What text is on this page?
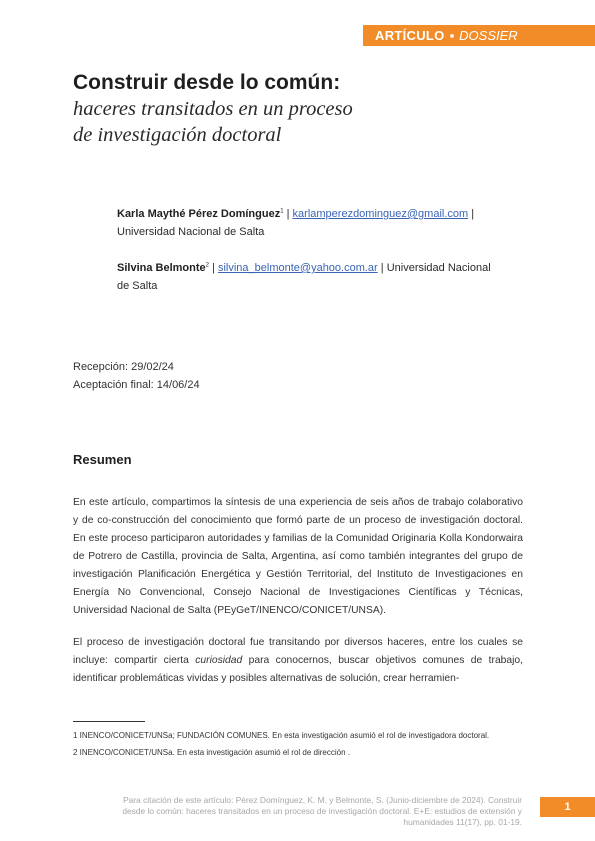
ARTÍCULO ▪ DOSSIER
Construir desde lo común:
haceres transitados en un proceso
de investigación doctoral
Karla Maythé Pérez Domínguez$^1$ | karlamperezdominguez@gmail.com |
Universidad Nacional de Salta
Silvina Belmonte$^2$ | silvina_belmonte@yahoo.com.ar | Universidad Nacional de Salta
Recepción: 29/02/24
Aceptación final: 14/06/24
Resumen

En este artículo, compartimos la síntesis de una experiencia de seis años de trabajo colaborativo y de co-construcción del conocimiento que formó parte de un proceso de investigación doctoral. En este proceso participaron autoridades y familias de la Comunidad Originaria Kolla Kondorwaira de Potrero de Castilla, provincia de Salta, Argentina, así como también integrantes del grupo de investigación Planificación Energética y Gestión Territorial, del Instituto de Investigaciones en Energía No Convencional, Consejo Nacional de Investigaciones Científicas y Técnicas, Universidad Nacional de Salta (PEyGeT/INENCO/CONICET/UNSA).

El proceso de investigación doctoral fue transitando por diversos haceres, entre los cuales se incluye: compartir cierta curiosidad para conocernos, buscar objetivos comunes de trabajo, identificar problemáticas vividas y posibles alternativas de solución, crear herramien-

1 INENCO/CONICET/UNSa; FUNDACIÓN COMUNES. En esta investigación asumió el rol de investigadora doctoral.

2 INENCO/CONICET/UNSa. En esta investigación asumió el rol de dirección .

Para citación de este artículo: Pérez Domínguez, K. M. y Belmonte, S. (Junio-diciembre de 2024). Construir
desde lo común: haceres transitados en un proceso de investigación doctoral. E+E: estudios de extensión y
humanidades 11(17), pp. 01-19.
1
